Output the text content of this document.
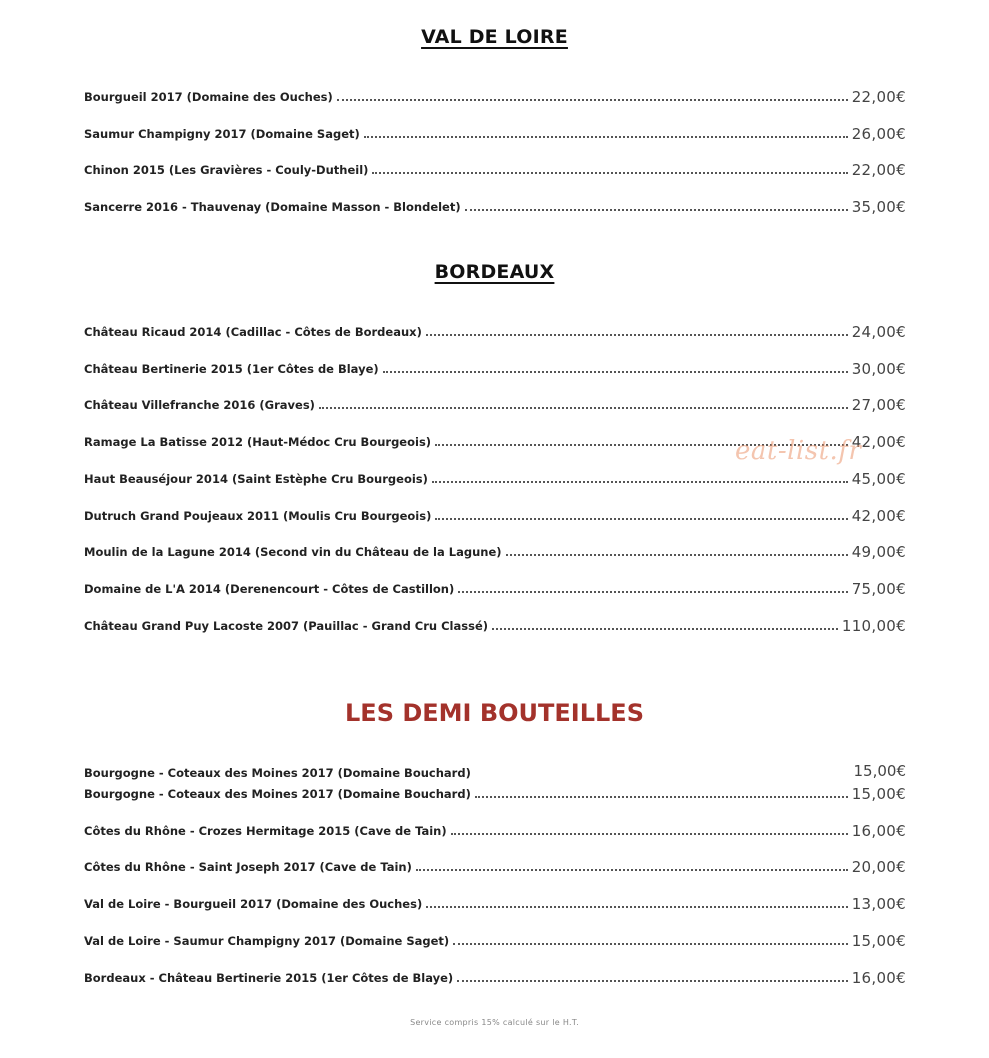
VAL DE LOIRE
Bourgueil 2017 (Domaine des Ouches)	22,00€
Saumur Champigny 2017 (Domaine Saget)	26,00€
Chinon 2015 (Les Gravières - Couly-Dutheil)	22,00€
Sancerre 2016 - Thauvenay (Domaine Masson - Blondelet)	35,00€
BORDEAUX
Château Ricaud 2014 (Cadillac - Côtes de Bordeaux)	24,00€
Château Bertinerie 2015 (1er Côtes de Blaye)	30,00€
Château Villefranche 2016 (Graves)	27,00€
Ramage La Batisse 2012 (Haut-Médoc Cru Bourgeois)	42,00€
Haut Beauséjour 2014 (Saint Estèphe Cru Bourgeois)	45,00€
Dutruch Grand Poujeaux 2011 (Moulis Cru Bourgeois)	42,00€
Moulin de la Lagune 2014 (Second vin du Château de la Lagune)	49,00€
Domaine de L'A 2014 (Derenencourt - Côtes de Castillon)	75,00€
Château Grand Puy Lacoste 2007 (Pauillac - Grand Cru Classé)	110,00€
eat-list.fr
LES DEMI BOUTEILLES
Bourgogne - Coteaux des Moines 2017 (Domaine Bouchard)	15,00€
Bourgogne - Coteaux des Moines 2017 (Domaine Bouchard)	15,00€
Côtes du Rhône - Crozes Hermitage 2015 (Cave de Tain)	16,00€
Côtes du Rhône - Saint Joseph 2017 (Cave de Tain)	20,00€
Val de Loire - Bourgueil 2017 (Domaine des Ouches)	13,00€
Val de Loire - Saumur Champigny 2017 (Domaine Saget)	15,00€
Bordeaux - Château Bertinerie 2015 (1er Côtes de Blaye)	16,00€
Service compris 15% calculé sur le H.T.
